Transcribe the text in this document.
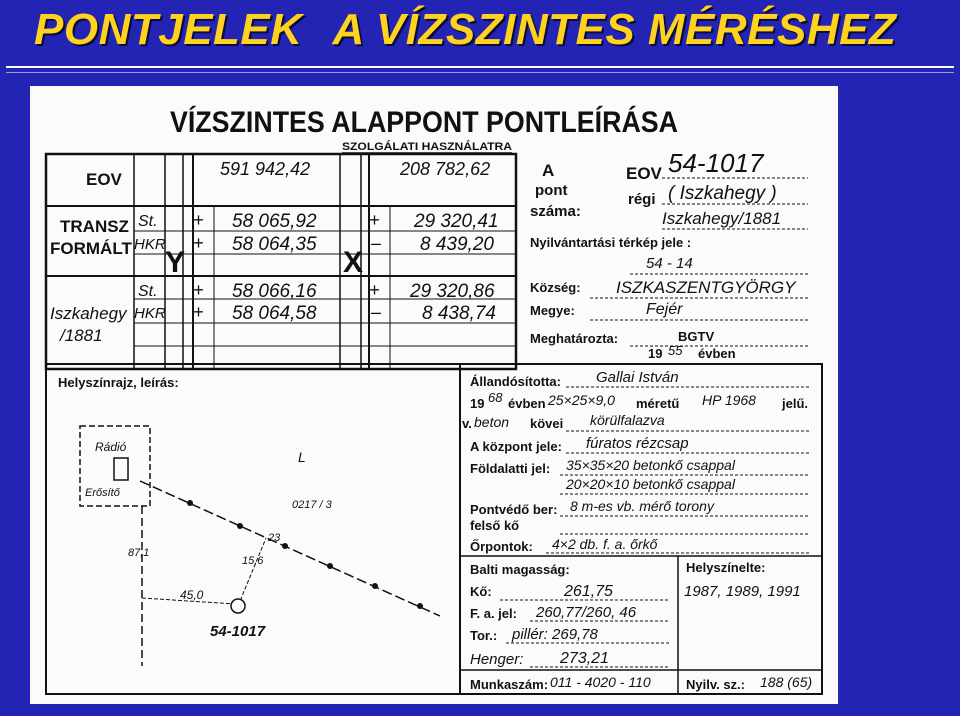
PONTJELEK A VÍZSZINTES MÉRÉSHEZ
VÍZSZINTES ALAPPONT PONTLEÍRÁSA
SZOLGÁLATI HASZNÁLATRA
EOV
591 942,42	208 782,62
TRANSZ
FORMÁLT
Iszkahegy
/1881
Y	X
St. + 58 065,92	+ 29 320,41
HKR + 58 064,35	– 8 439,20
St. + 58 066,16	+ 29 320,86
HKR + 58 064,58	– 8 438,74
A
pont
száma:
EOV 54-1017
régi ( Iszkahegy )
Iszkahegy/1881
Nyilvántartási térkép jele :
54 - 14
Község: ISZKASZENTGYÖRGY
Megye:	Fejér
Meghatározta:	BGTV
19 55 évben
Helyszínrajz, leírás:
Rádió
Erősítő
L
0217 / 3
23
15,6
87,1
45,0
54-1017
Állandósította: Gallai István
19 68 évben 25×25×9,0 méretű HP 1968 jelű.
v. beton kövei körülfalazva
A központ jele: fúratos rézcsap
Földalatti jel: 35×35×20 betonkő csappal
20×20×10 betonkő csappal
Pontvédő ber:
felső kő
8 m-es vb. mérő torony
Őrpontok: 4×2 db. f. a. őrkő
Balti magasság:
Kő:	261,75
F. a. jel: 260,77/260, 46
Tor.: pillér: 269,78
Henger: 273,21
Munkaszám: 011 - 4020 - 110
Helyszínelte:
1987, 1989, 1991
Nyilv. sz.: 188 (65)
